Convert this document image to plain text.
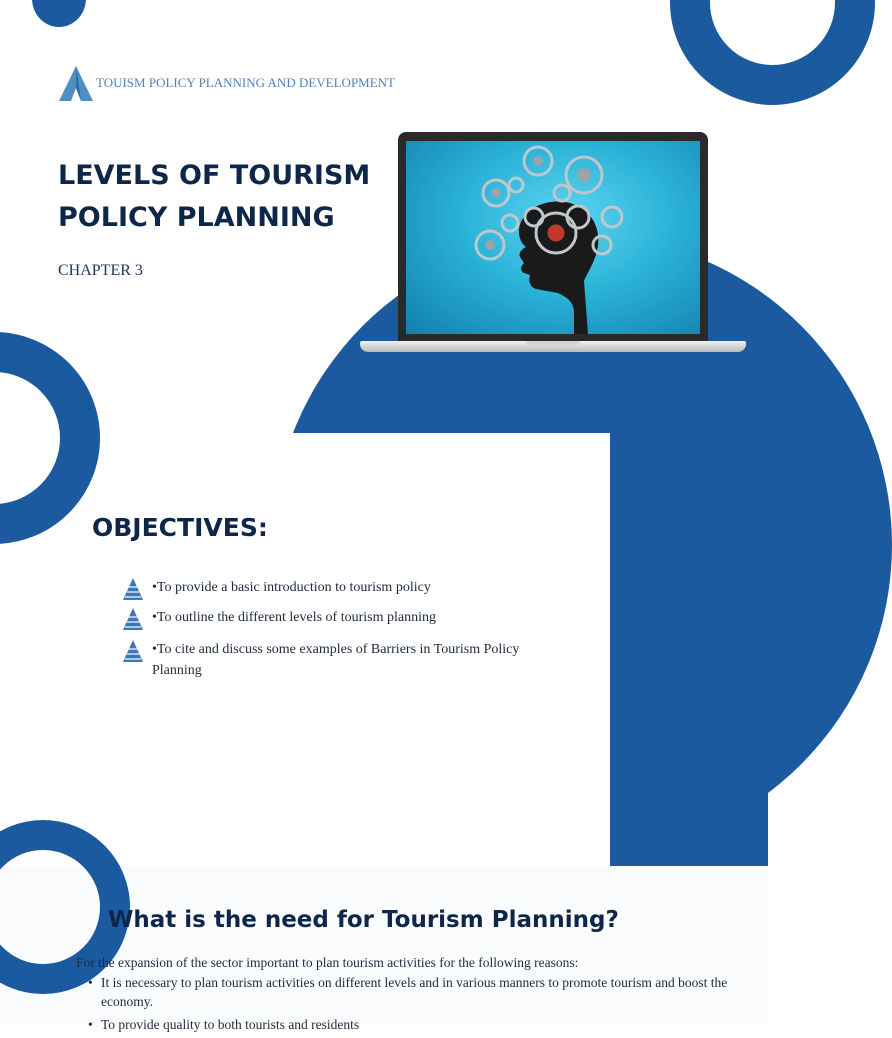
TOUISM POLICY PLANNING AND DEVELOPMENT
LEVELS OF TOURISM
POLICY PLANNING
CHAPTER 3
OBJECTIVES:
•To provide a basic introduction to tourism policy
•To outline the different levels of tourism planning
•To cite and discuss some examples of Barriers in Tourism Policy Planning
What is the need for Tourism Planning?

For the expansion of the sector important to plan tourism activities for the following reasons:

• It is necessary to plan tourism activities on different levels and in various manners to promote tourism and boost the economy.
• To provide quality to both tourists and residents
